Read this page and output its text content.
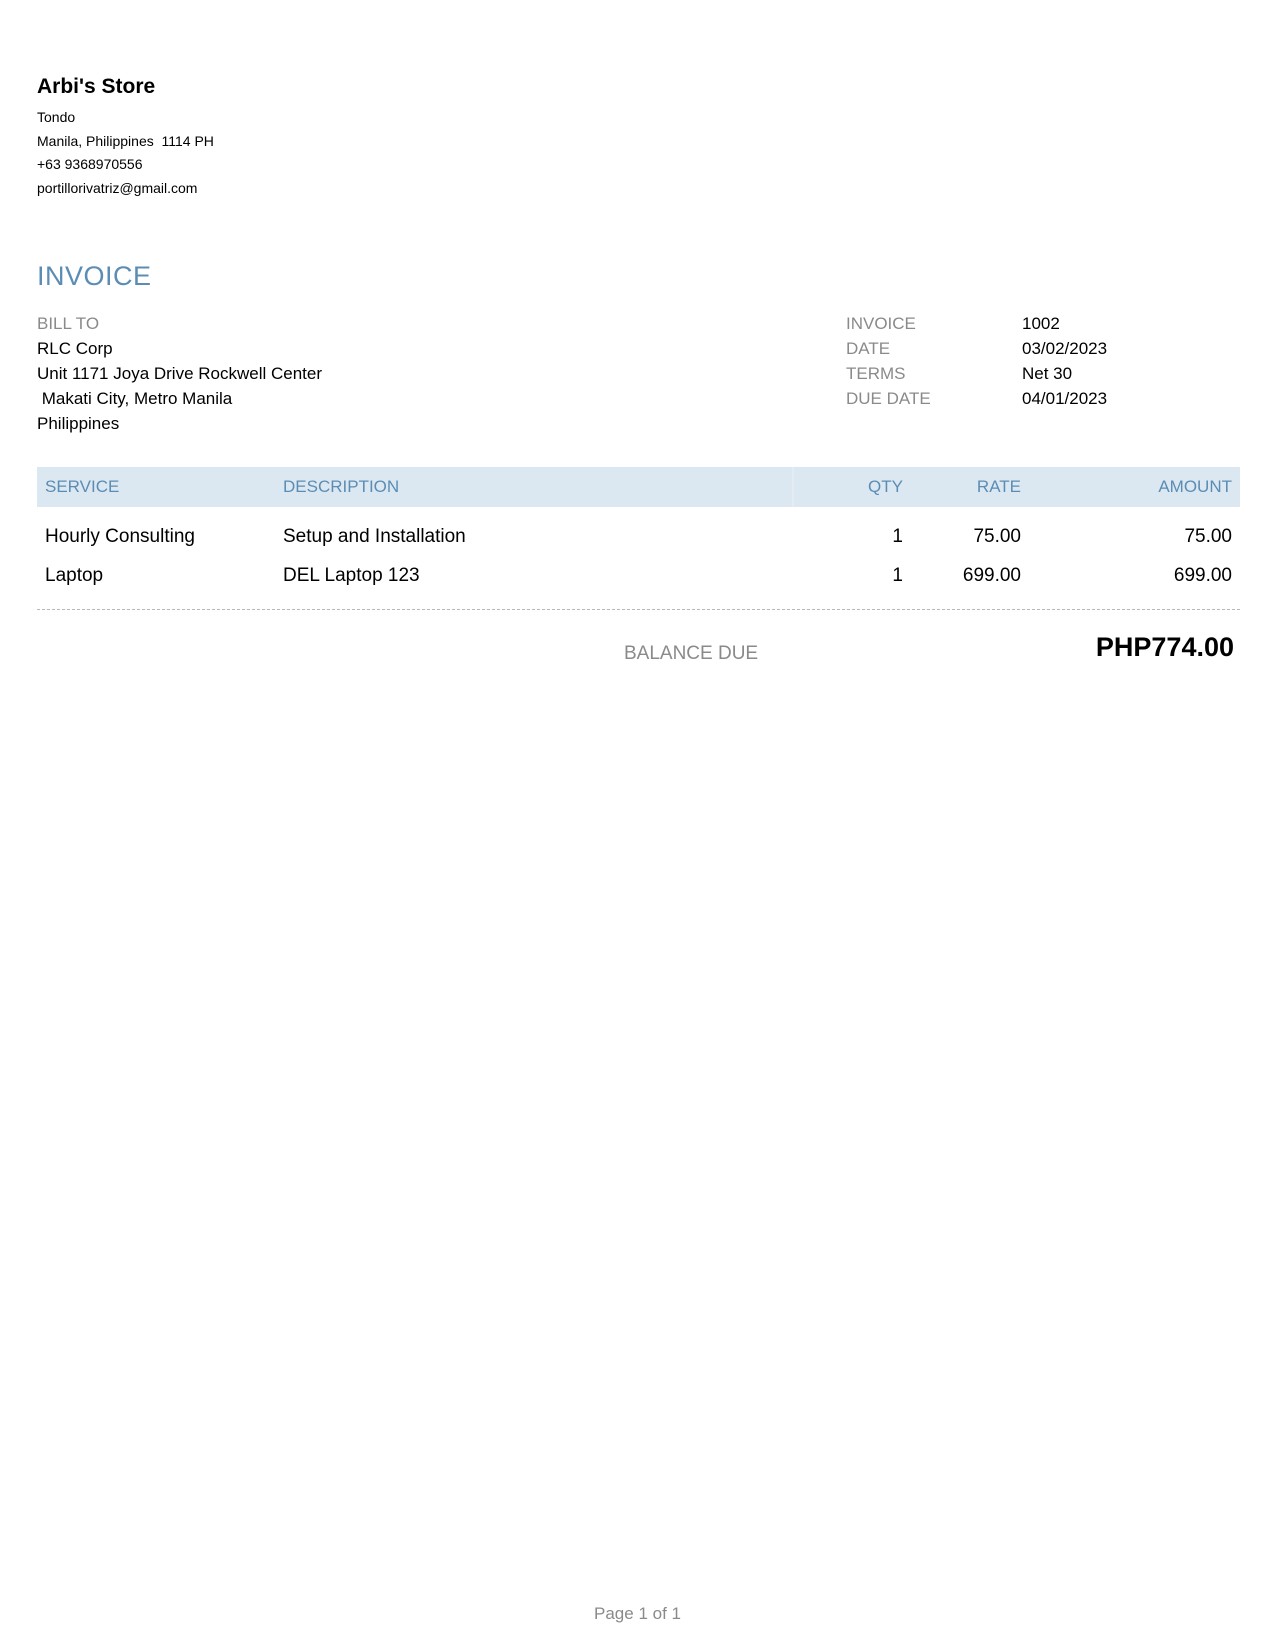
Arbi's Store
Tondo
Manila, Philippines  1114 PH
+63 9368970556
portillorivatriz@gmail.com
INVOICE
BILL TO
RLC Corp
Unit 1171 Joya Drive Rockwell Center
Makati City, Metro Manila
Philippines
INVOICE	1002
DATE	03/02/2023
TERMS	Net 30
DUE DATE	04/01/2023
SERVICE	DESCRIPTION	QTY	RATE	AMOUNT
Hourly Consulting	Setup and Installation	1	75.00	75.00
Laptop	DEL Laptop 123	1	699.00	699.00
BALANCE DUE	PHP774.00
Page 1 of 1
